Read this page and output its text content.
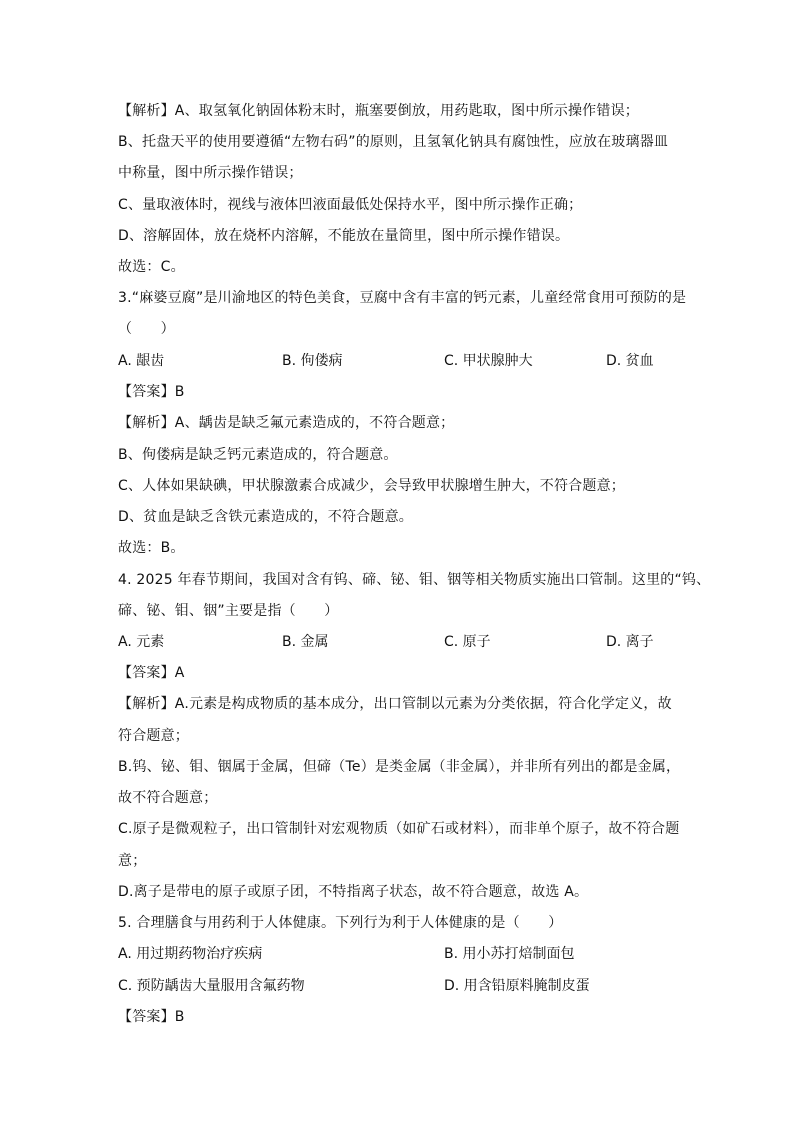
【解析】A、取氢氧化钠固体粉末时，瓶塞要倒放，用药匙取，图中所示操作错误；
B、托盘天平的使用要遵循“左物右码”的原则，且氢氧化钠具有腐蚀性，应放在玻璃器皿
中称量，图中所示操作错误；
C、量取液体时，视线与液体凹液面最低处保持水平，图中所示操作正确；
D、溶解固体，放在烧杯内溶解，不能放在量筒里，图中所示操作错误。
故选：C。
3.“麻婆豆腐”是川渝地区的特色美食，豆腐中含有丰富的钙元素，儿童经常食用可预防的是
（　　）
A. 龈齿	B. 佝偻病	C. 甲状腺肿大	D. 贫血
【答案】B
【解析】A、龋齿是缺乏氟元素造成的，不符合题意；
B、佝偻病是缺乏钙元素造成的，符合题意。
C、人体如果缺碘，甲状腺激素合成减少，会导致甲状腺增生肿大，不符合题意；
D、贫血是缺乏含铁元素造成的，不符合题意。
故选：B。
4. 2025 年春节期间，我国对含有钨、碲、铋、钼、铟等相关物质实施出口管制。这里的“钨、
碲、铋、钼、铟”主要是指（　　）
A. 元素	B. 金属	C. 原子	D. 离子
【答案】A
【解析】A.元素是构成物质的基本成分，出口管制以元素为分类依据，符合化学定义，故
符合题意；
B.钨、铋、钼、铟属于金属，但碲（Te）是类金属（非金属），并非所有列出的都是金属，
故不符合题意；
C.原子是微观粒子，出口管制针对宏观物质（如矿石或材料），而非单个原子，故不符合题
意；
D.离子是带电的原子或原子团，不特指离子状态，故不符合题意，故选 A。
5. 合理膳食与用药利于人体健康。下列行为利于人体健康的是（　　）
A. 用过期药物治疗疾病	B. 用小苏打焙制面包
C. 预防龋齿大量服用含氟药物	D. 用含铅原料腌制皮蛋
【答案】B
